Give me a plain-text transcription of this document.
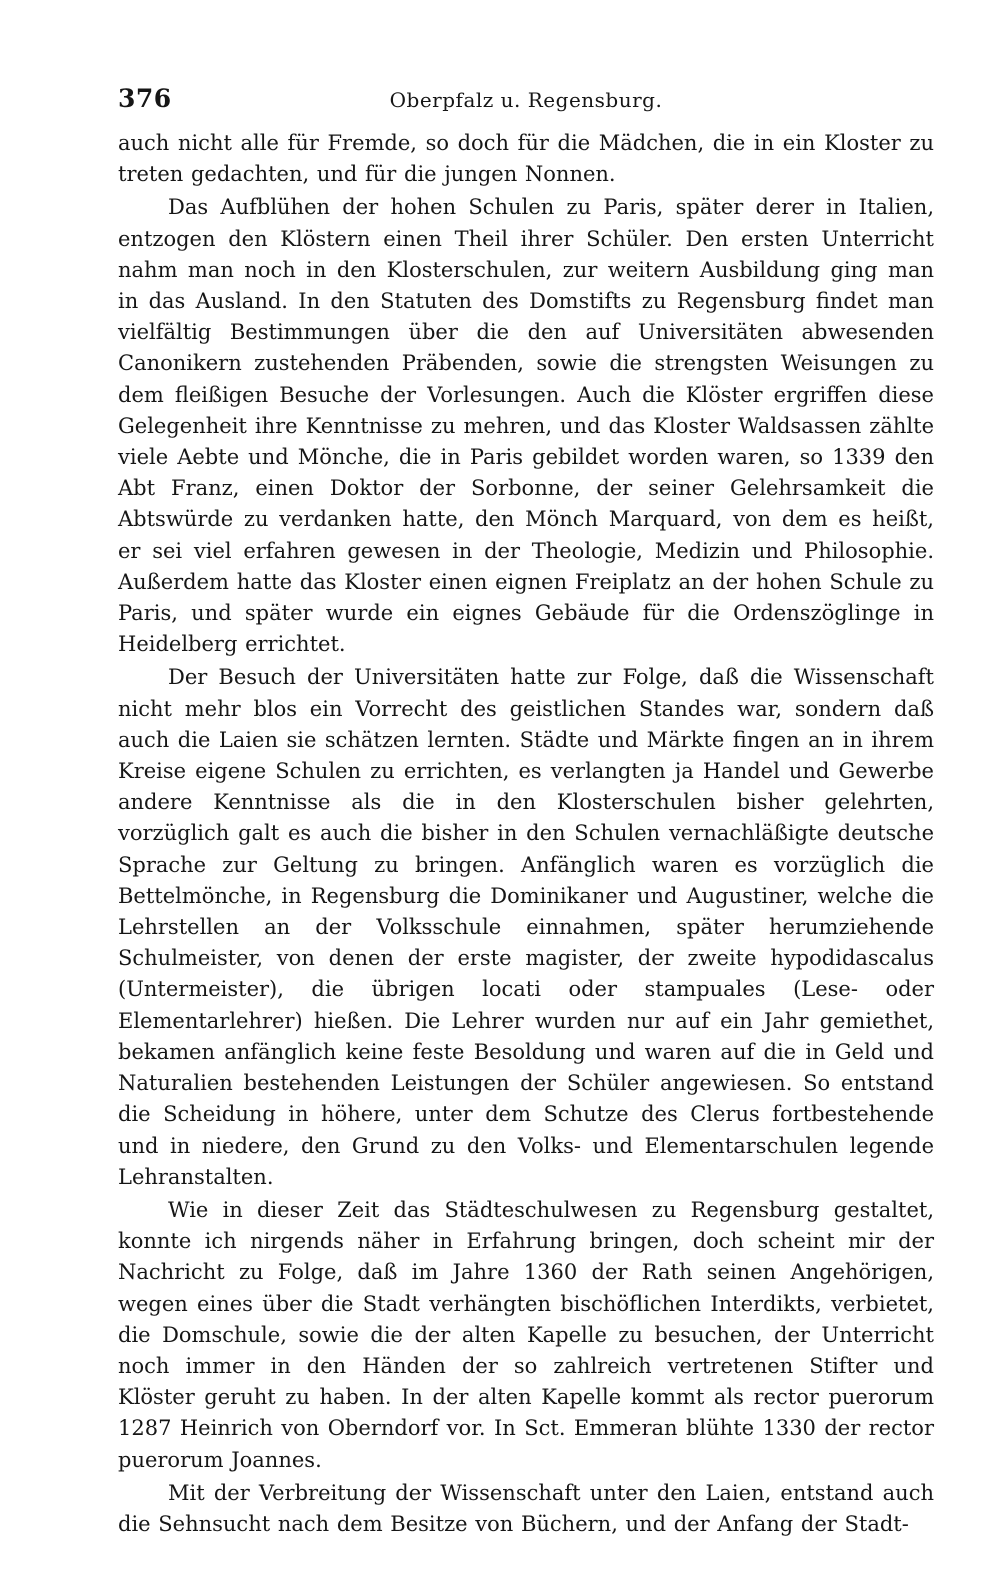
376	Oberpfalz u. Regensburg.

auch nicht alle für Fremde, so doch für die Mädchen, die in ein Kloster zu treten gedachten, und für die jungen Nonnen.

Das Aufblühen der hohen Schulen zu Paris, später derer in Italien, entzogen den Klöstern einen Theil ihrer Schüler. Den ersten Unterricht nahm man noch in den Klosterschulen, zur weitern Ausbildung ging man in das Ausland. In den Statuten des Domstifts zu Regensburg findet man vielfältig Bestimmungen über die den auf Universitäten abwesenden Canonikern zustehenden Präbenden, sowie die strengsten Weisungen zu dem fleißigen Besuche der Vorlesungen. Auch die Klöster ergriffen diese Gelegenheit ihre Kenntnisse zu mehren, und das Kloster Waldsassen zählte viele Aebte und Mönche, die in Paris gebildet worden waren, so 1339 den Abt Franz, einen Doktor der Sorbonne, der seiner Gelehrsamkeit die Abtswürde zu verdanken hatte, den Mönch Marquard, von dem es heißt, er sei viel erfahren gewesen in der Theologie, Medizin und Philosophie. Außerdem hatte das Kloster einen eignen Freiplatz an der hohen Schule zu Paris, und später wurde ein eignes Gebäude für die Ordenszöglinge in Heidelberg errichtet.

Der Besuch der Universitäten hatte zur Folge, daß die Wissenschaft nicht mehr blos ein Vorrecht des geistlichen Standes war, sondern daß auch die Laien sie schätzen lernten. Städte und Märkte fingen an in ihrem Kreise eigene Schulen zu errichten, es verlangten ja Handel und Gewerbe andere Kenntnisse als die in den Klosterschulen bisher gelehrten, vorzüglich galt es auch die bisher in den Schulen vernachläßigte deutsche Sprache zur Geltung zu bringen. Anfänglich waren es vorzüglich die Bettelmönche, in Regensburg die Dominikaner und Augustiner, welche die Lehrstellen an der Volksschule einnahmen, später herumziehende Schulmeister, von denen der erste magister, der zweite hypodidascalus (Untermeister), die übrigen locati oder stampuales (Lese- oder Elementarlehrer) hießen. Die Lehrer wurden nur auf ein Jahr gemiethet, bekamen anfänglich keine feste Besoldung und waren auf die in Geld und Naturalien bestehenden Leistungen der Schüler angewiesen. So entstand die Scheidung in höhere, unter dem Schutze des Clerus fortbestehende und in niedere, den Grund zu den Volks- und Elementarschulen legende Lehranstalten.

Wie in dieser Zeit das Städteschulwesen zu Regensburg gestaltet, konnte ich nirgends näher in Erfahrung bringen, doch scheint mir der Nachricht zu Folge, daß im Jahre 1360 der Rath seinen Angehörigen, wegen eines über die Stadt verhängten bischöflichen Interdikts, verbietet, die Domschule, sowie die der alten Kapelle zu besuchen, der Unterricht noch immer in den Händen der so zahlreich vertretenen Stifter und Klöster geruht zu haben. In der alten Kapelle kommt als rector puerorum 1287 Heinrich von Oberndorf vor. In Sct. Emmeran blühte 1330 der rector puerorum Joannes.

Mit der Verbreitung der Wissenschaft unter den Laien, entstand auch die Sehnsucht nach dem Besitze von Büchern, und der Anfang der Stadt-
